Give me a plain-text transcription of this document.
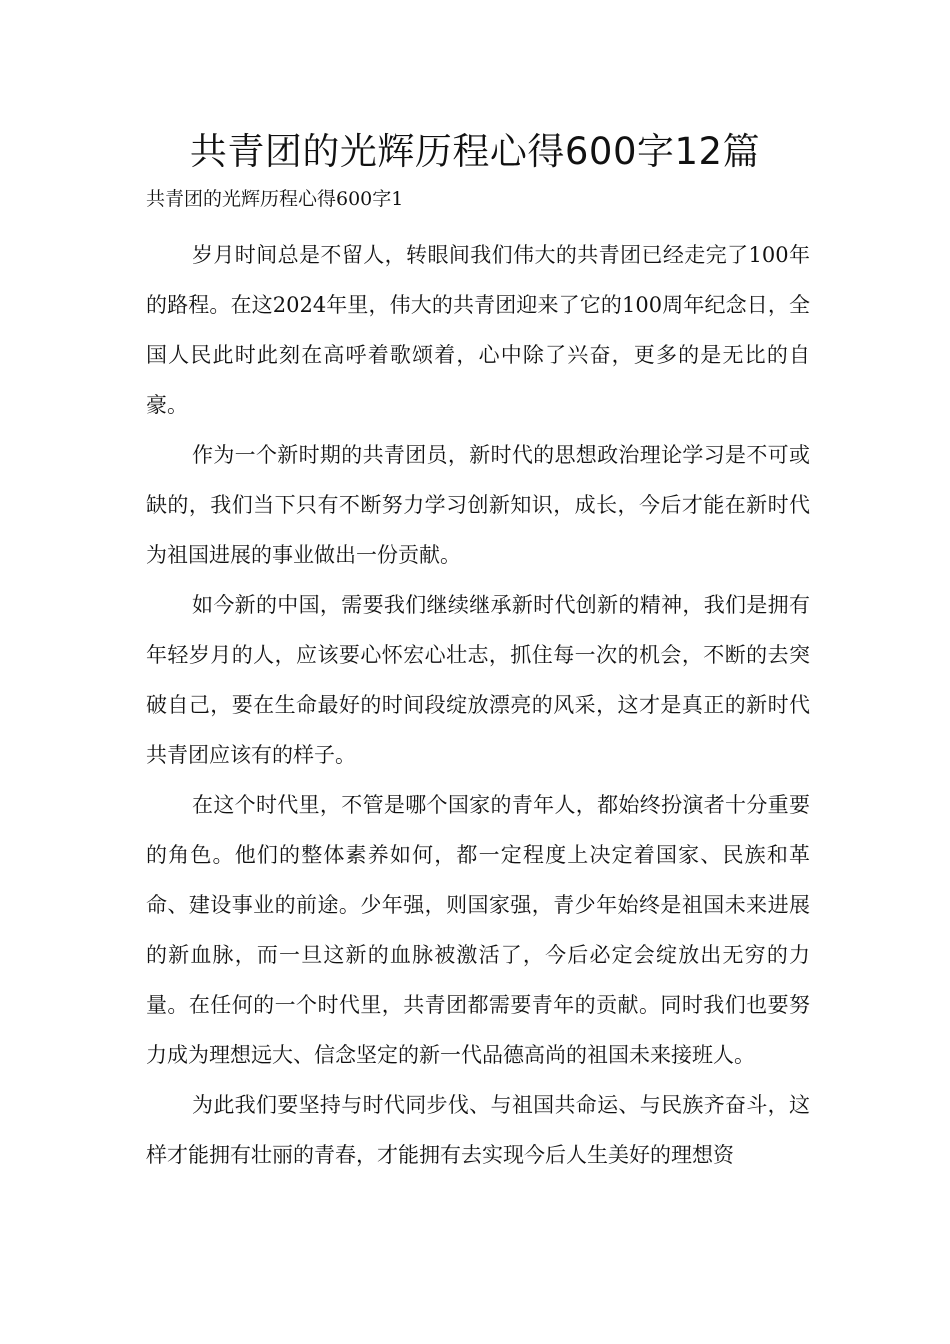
共青团的光辉历程心得600字12篇

共青团的光辉历程心得600字1

岁月时间总是不留人，转眼间我们伟大的共青团已经走完了100年的路程。在这2024年里，伟大的共青团迎来了它的100周年纪念日，全国人民此时此刻在高呼着歌颂着，心中除了兴奋，更多的是无比的自豪。

作为一个新时期的共青团员，新时代的思想政治理论学习是不可或缺的，我们当下只有不断努力学习创新知识，成长，今后才能在新时代为祖国进展的事业做出一份贡献。

如今新的中国，需要我们继续继承新时代创新的精神，我们是拥有年轻岁月的人，应该要心怀宏心壮志，抓住每一次的机会，不断的去突破自己，要在生命最好的时间段绽放漂亮的风采，这才是真正的新时代共青团应该有的样子。

在这个时代里，不管是哪个国家的青年人，都始终扮演者十分重要的角色。他们的整体素养如何，都一定程度上决定着国家、民族和革命、建设事业的前途。少年强，则国家强，青少年始终是祖国未来进展的新血脉，而一旦这新的血脉被激活了，今后必定会绽放出无穷的力量。在任何的一个时代里，共青团都需要青年的贡献。同时我们也要努力成为理想远大、信念坚定的新一代品德高尚的祖国未来接班人。

为此我们要坚持与时代同步伐、与祖国共命运、与民族齐奋斗，这样才能拥有壮丽的青春，才能拥有去实现今后人生美好的理想资
